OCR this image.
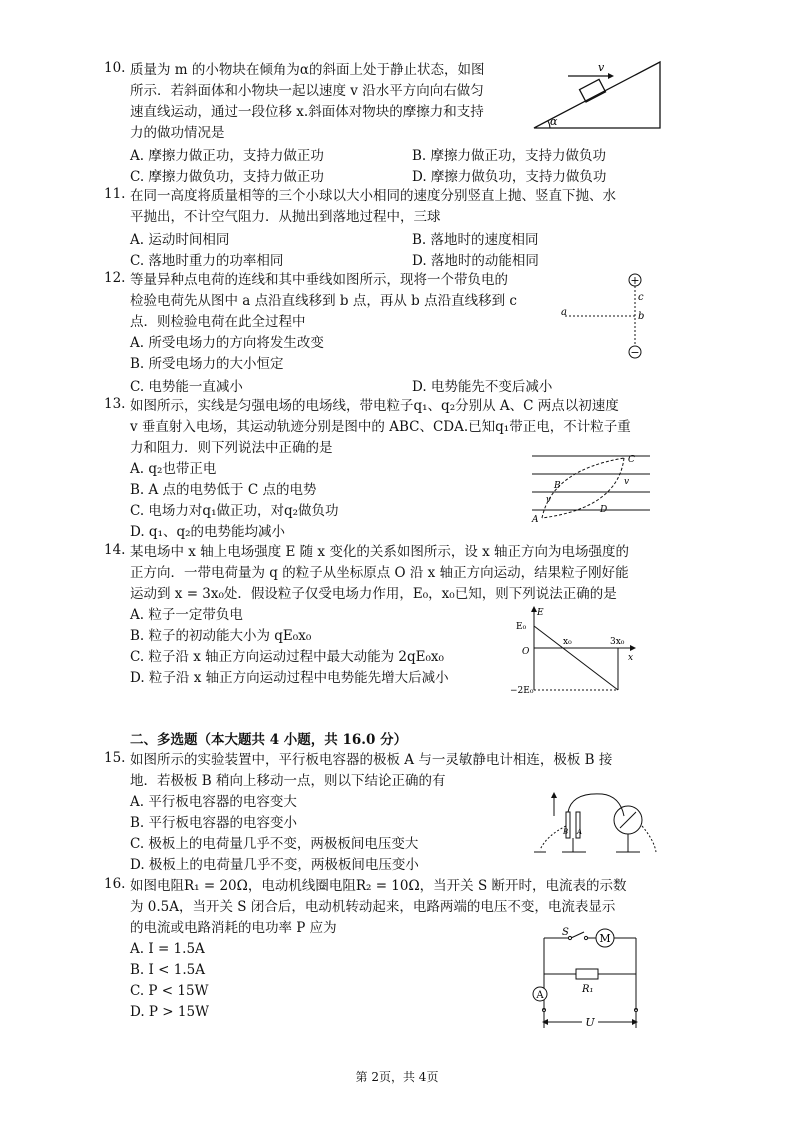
10. 质量为 m 的小物块在倾角为α的斜面上处于静止状态，如图
所示．若斜面体和小物块一起以速度 v 沿水平方向向右做匀
速直线运动，通过一段位移 x.斜面体对物块的摩擦力和支持
力的做功情况是
A. 摩擦力做正功，支持力做正功	B. 摩擦力做正功，支持力做负功
C. 摩擦力做负功，支持力做正功	D. 摩擦力做负功，支持力做负功
v
α
11. 在同一高度将质量相等的三个小球以大小相同的速度分别竖直上抛、竖直下抛、水
平抛出，不计空气阻力．从抛出到落地过程中，三球
A. 运动时间相同	B. 落地时的速度相同
C. 落地时重力的功率相同	D. 落地时的动能相同
12. 等量异种点电荷的连线和其中垂线如图所示，现将一个带负电的
检验电荷先从图中 a 点沿直线移到 b 点，再从 b 点沿直线移到 c
点．则检验电荷在此全过程中
A. 所受电场力的方向将发生改变
B. 所受电场力的大小恒定
C. 电势能一直减小	D. 电势能先不变后减小
+
−
a	b
c
13. 如图所示，实线是匀强电场的电场线，带电粒子q₁、q₂分别从 A、C 两点以初速度
v 垂直射入电场，其运动轨迹分别是图中的 ABC、CDA.已知q₁带正电，不计粒子重
力和阻力．则下列说法中正确的是
A. q₂也带正电
B. A 点的电势低于 C 点的电势
C. 电场力对q₁做正功，对q₂做负功
D. q₁、q₂的电势能均减小
A
B
C
D
v
v
14. 某电场中 x 轴上电场强度 E 随 x 变化的关系如图所示，设 x 轴正方向为电场强度的
正方向．一带电荷量为 q 的粒子从坐标原点 O 沿 x 轴正方向运动，结果粒子刚好能
运动到 x = 3x₀处．假设粒子仅受电场力作用，E₀，x₀已知，则下列说法正确的是
A. 粒子一定带负电
B. 粒子的初动能大小为 qE₀x₀
C. 粒子沿 x 轴正方向运动过程中最大动能为 2qE₀x₀
D. 粒子沿 x 轴正方向运动过程中电势能先增大后减小
E
E₀
x₀	3x₀
O
x
−2E₀
二、多选题（本大题共 4 小题，共 16.0 分）
15. 如图所示的实验装置中，平行板电容器的极板 A 与一灵敏静电计相连，极板 B 接
地．若极板 B 稍向上移动一点，则以下结论正确的有
A. 平行板电容器的电容变大
B. 平行板电容器的电容变小
C. 极板上的电荷量几乎不变，两极板间电压变大
D. 极板上的电荷量几乎不变，两极板间电压变小
B A
16. 如图电阻R₁ = 20Ω，电动机线圈电阻R₂ = 10Ω，当开关 S 断开时，电流表的示数
为 0.5A，当开关 S 闭合后，电动机转动起来，电路两端的电压不变，电流表显示
的电流或电路消耗的电功率 P 应为
A. I = 1.5A
B. I < 1.5A
C. P < 15W
D. P > 15W
M
S
R₁
A
U
第 2页，共 4页
